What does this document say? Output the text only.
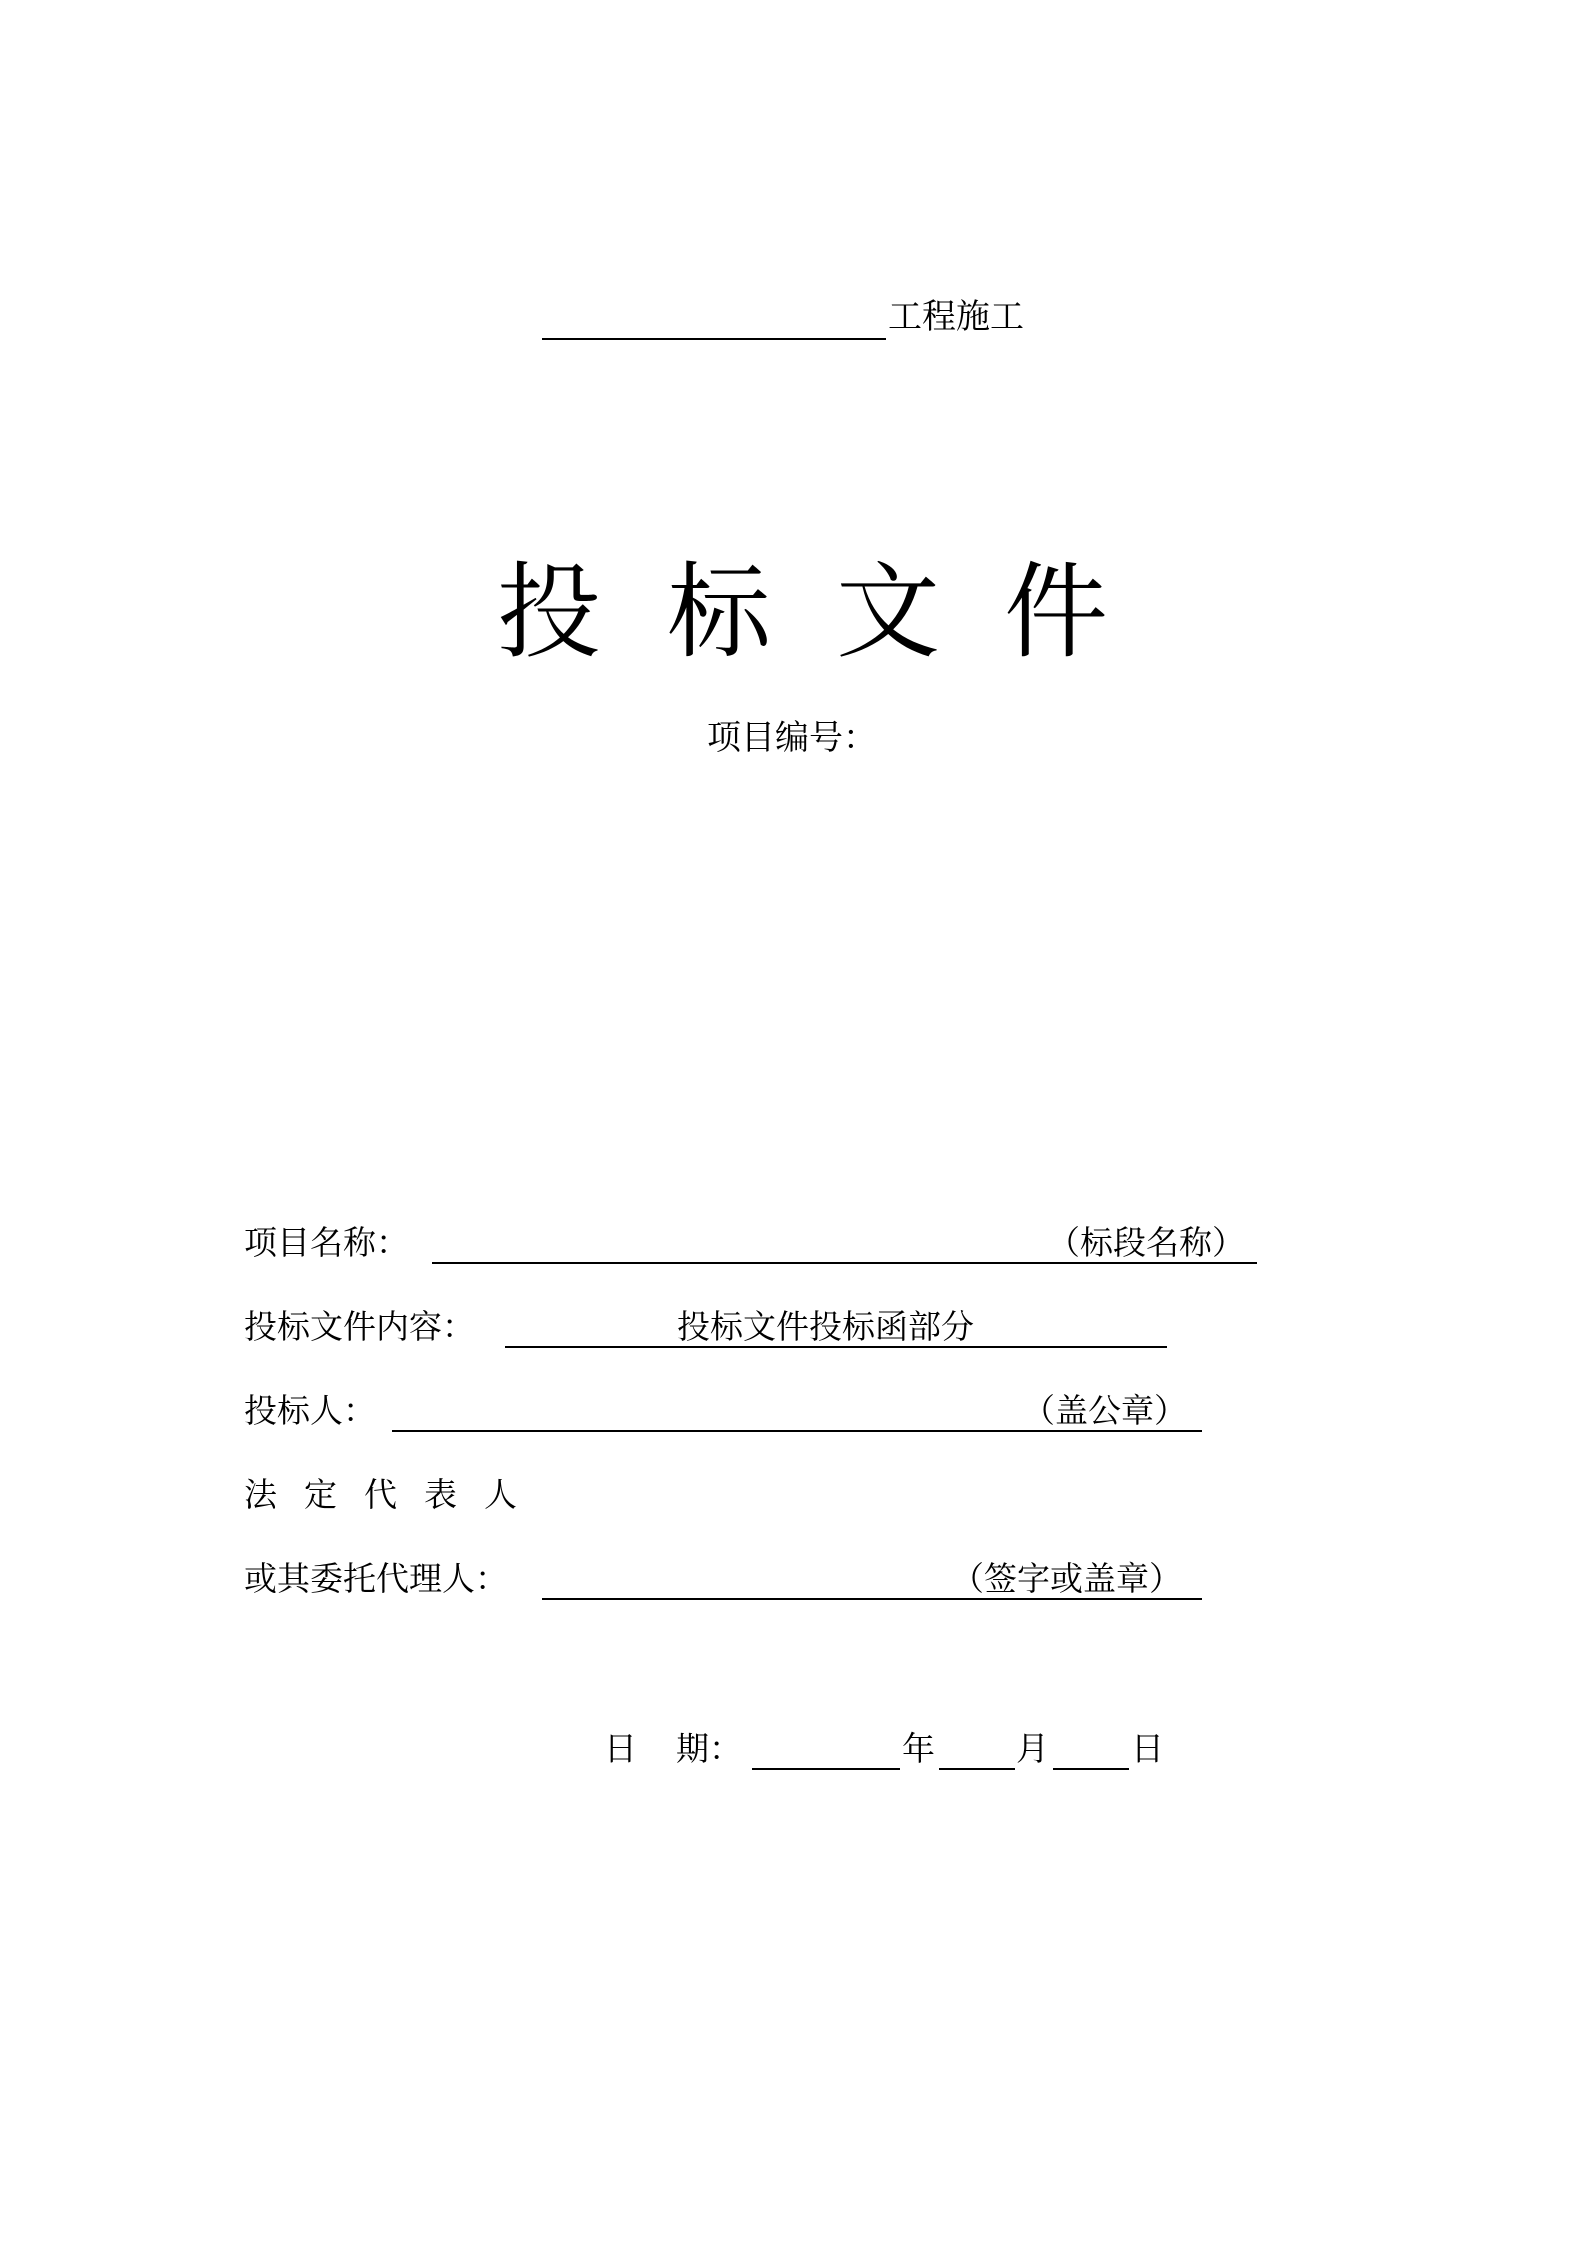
工程施工
投 标 文 件
项目编号：
项目名称：	（标段名称）
投标文件内容：	投标文件投标函部分
投标人：	（盖公章）
法定代表人
或其委托代理人：	（签字或盖章）
日 期：	年 月 日
